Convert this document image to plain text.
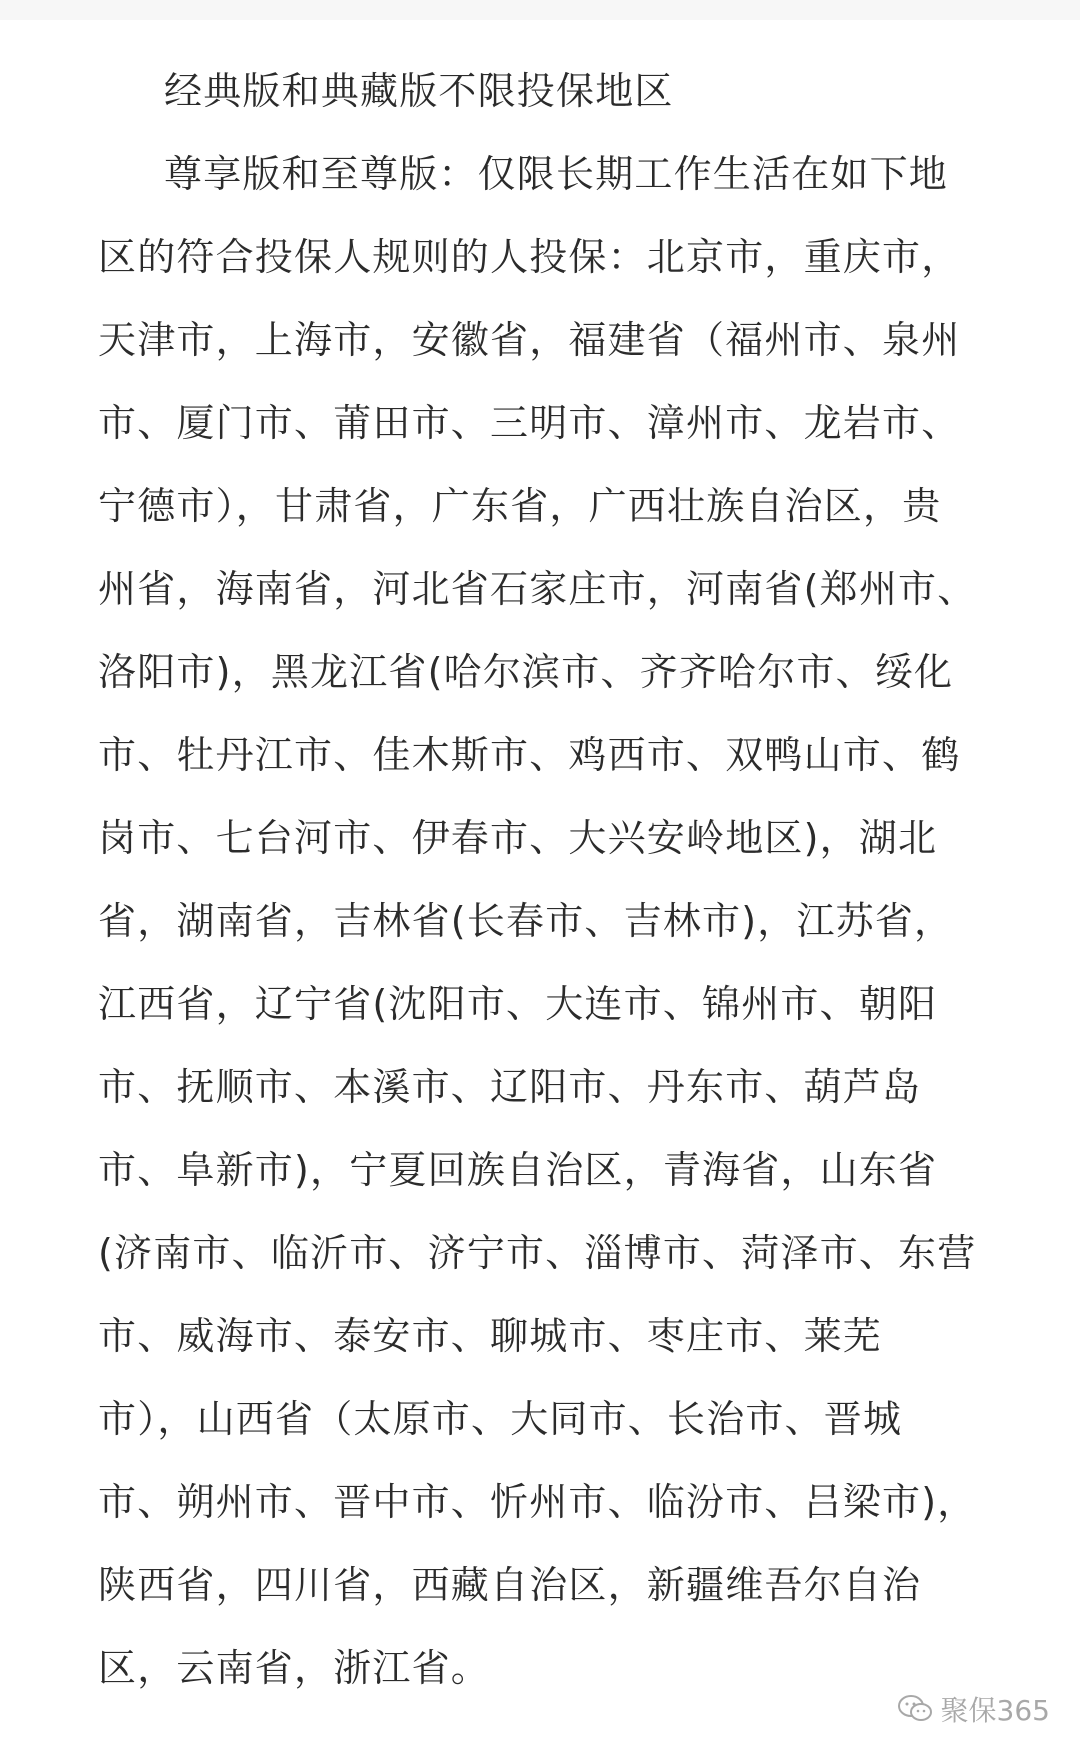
经典版和典藏版不限投保地区
尊享版和至尊版：仅限长期工作生活在如下地
区的符合投保人规则的人投保：北京市，重庆市，
天津市，上海市，安徽省，福建省（福州市、泉州
市、厦门市、莆田市、三明市、漳州市、龙岩市、
宁德市），甘肃省，广东省，广西壮族自治区，贵
州省，海南省，河北省石家庄市，河南省(郑州市、
洛阳市)，黑龙江省(哈尔滨市、齐齐哈尔市、绥化
市、牡丹江市、佳木斯市、鸡西市、双鸭山市、鹤
岗市、七台河市、伊春市、大兴安岭地区)，湖北
省，湖南省，吉林省(长春市、吉林市)，江苏省，
江西省，辽宁省(沈阳市、大连市、锦州市、朝阳
市、抚顺市、本溪市、辽阳市、丹东市、葫芦岛
市、阜新市)，宁夏回族自治区，青海省，山东省
(济南市、临沂市、济宁市、淄博市、菏泽市、东营
市、威海市、泰安市、聊城市、枣庄市、莱芜
市），山西省（太原市、大同市、长治市、晋城
市、朔州市、晋中市、忻州市、临汾市、吕梁市)，
陕西省，四川省，西藏自治区，新疆维吾尔自治
区，云南省，浙江省。
聚保365
